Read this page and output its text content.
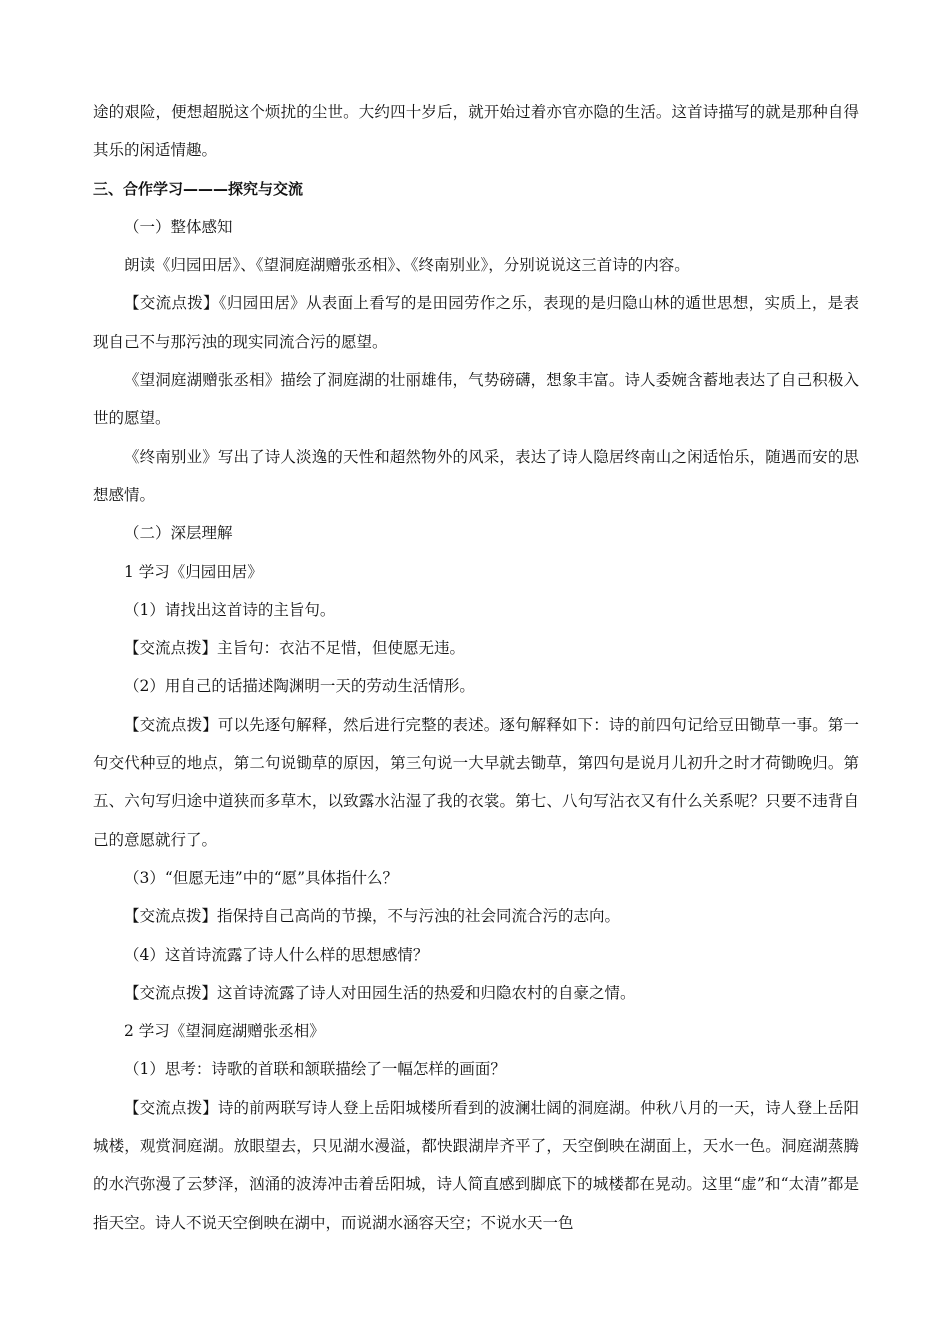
途的艰险，便想超脱这个烦扰的尘世。大约四十岁后，就开始过着亦官亦隐的生活。这首诗描写的就是那种自得其乐的闲适情趣。

三、合作学习———探究与交流

（一）整体感知

朗读《归园田居》、《望洞庭湖赠张丞相》、《终南别业》，分别说说这三首诗的内容。

【交流点拨】《归园田居》从表面上看写的是田园劳作之乐，表现的是归隐山林的遁世思想，实质上，是表现自己不与那污浊的现实同流合污的愿望。

《望洞庭湖赠张丞相》描绘了洞庭湖的壮丽雄伟，气势磅礴，想象丰富。诗人委婉含蓄地表达了自己积极入世的愿望。

《终南别业》写出了诗人淡逸的天性和超然物外的风采，表达了诗人隐居终南山之闲适怡乐，随遇而安的思想感情。

（二）深层理解

1 学习《归园田居》

（1）请找出这首诗的主旨句。

【交流点拨】主旨句：衣沾不足惜，但使愿无违。

（2）用自己的话描述陶渊明一天的劳动生活情形。

【交流点拨】可以先逐句解释，然后进行完整的表述。逐句解释如下：诗的前四句记给豆田锄草一事。第一句交代种豆的地点，第二句说锄草的原因，第三句说一大早就去锄草，第四句是说月儿初升之时才荷锄晚归。第五、六句写归途中道狭而多草木，以致露水沾湿了我的衣裳。第七、八句写沾衣又有什么关系呢？只要不违背自己的意愿就行了。

（3）“但愿无违”中的“愿”具体指什么？

【交流点拨】指保持自己高尚的节操，不与污浊的社会同流合污的志向。

（4）这首诗流露了诗人什么样的思想感情？

【交流点拨】这首诗流露了诗人对田园生活的热爱和归隐农村的自豪之情。

2 学习《望洞庭湖赠张丞相》

（1）思考：诗歌的首联和颔联描绘了一幅怎样的画面？

【交流点拨】诗的前两联写诗人登上岳阳城楼所看到的波澜壮阔的洞庭湖。仲秋八月的一天，诗人登上岳阳城楼，观赏洞庭湖。放眼望去，只见湖水漫溢，都快跟湖岸齐平了，天空倒映在湖面上，天水一色。洞庭湖蒸腾的水汽弥漫了云梦泽，汹涌的波涛冲击着岳阳城，诗人简直感到脚底下的城楼都在晃动。这里“虚”和“太清”都是指天空。诗人不说天空倒映在湖中，而说湖水涵容天空；不说水天一色
